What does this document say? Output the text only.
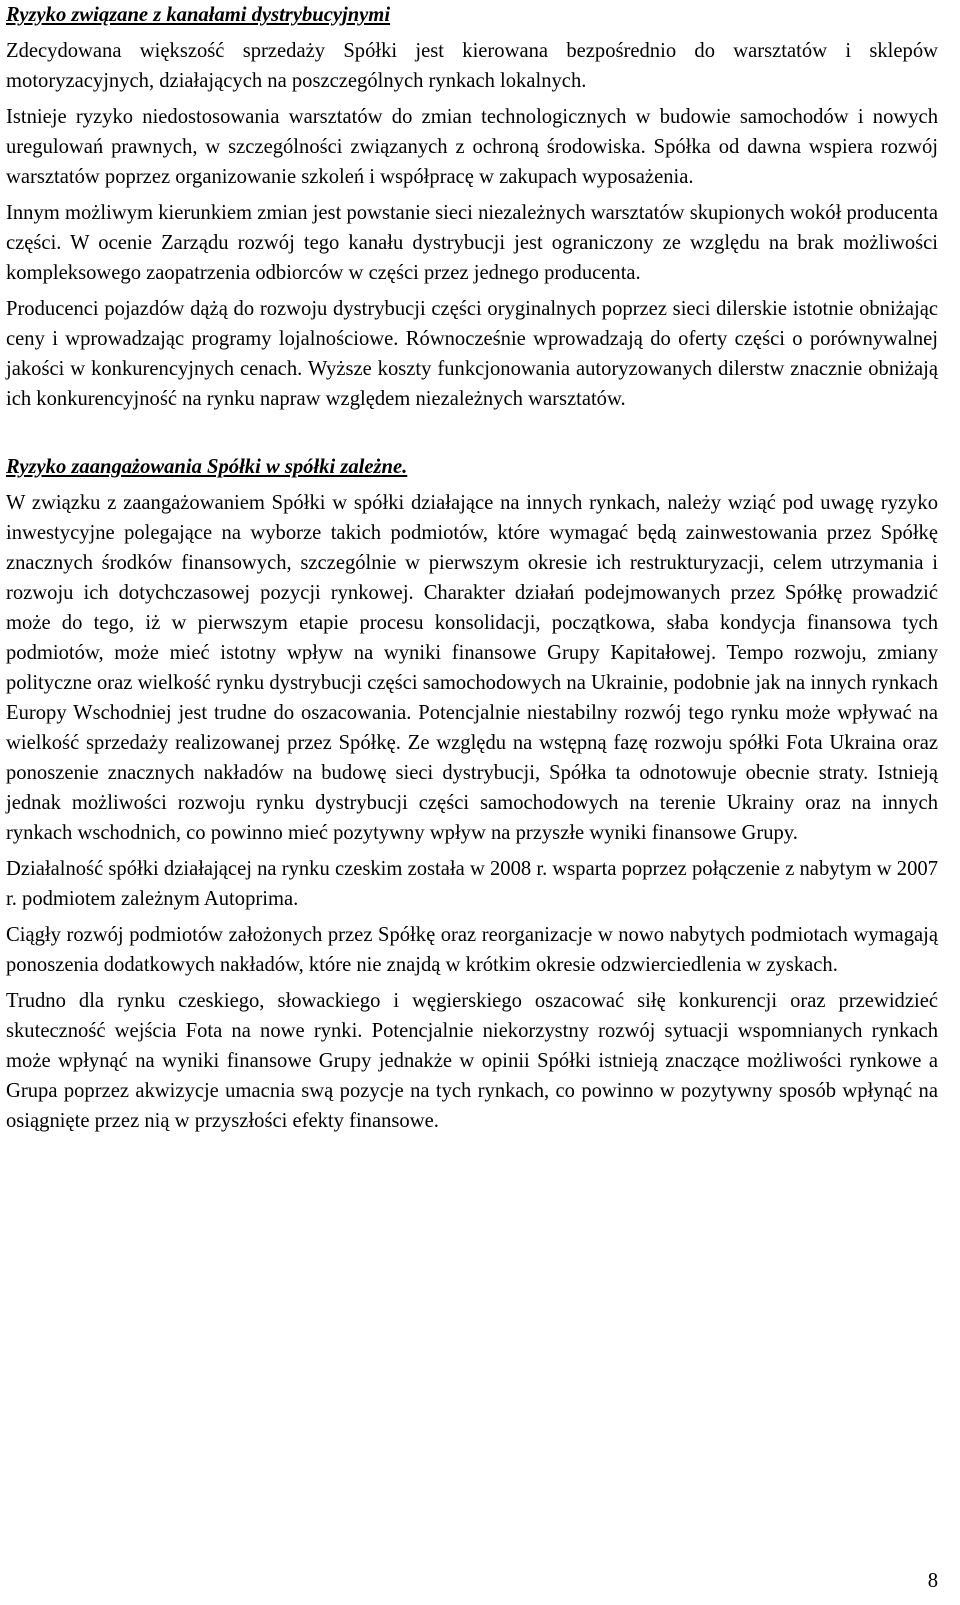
Ryzyko związane z kanałami dystrybucyjnymi

Zdecydowana większość sprzedaży Spółki jest kierowana bezpośrednio do warsztatów i sklepów motoryzacyjnych, działających na poszczególnych rynkach lokalnych.

Istnieje ryzyko niedostosowania warsztatów do zmian technologicznych w budowie samochodów i nowych uregulowań prawnych, w szczególności związanych z ochroną środowiska. Spółka od dawna wspiera rozwój warsztatów poprzez organizowanie szkoleń i współpracę w zakupach wyposażenia.

Innym możliwym kierunkiem zmian jest powstanie sieci niezależnych warsztatów skupionych wokół producenta części. W ocenie Zarządu rozwój tego kanału dystrybucji jest ograniczony ze względu na brak możliwości kompleksowego zaopatrzenia odbiorców w części przez jednego producenta.

Producenci pojazdów dążą do rozwoju dystrybucji części oryginalnych poprzez sieci dilerskie istotnie obniżając ceny i wprowadzając programy lojalnościowe. Równocześnie wprowadzają do oferty części o porównywalnej jakości w konkurencyjnych cenach. Wyższe koszty funkcjonowania autoryzowanych dilerstw znacznie obniżają ich konkurencyjność na rynku napraw względem niezależnych warsztatów.

Ryzyko zaangażowania Spółki w spółki zależne.

W związku z zaangażowaniem Spółki w spółki działające na innych rynkach, należy wziąć pod uwagę ryzyko inwestycyjne polegające na wyborze takich podmiotów, które wymagać będą zainwestowania przez Spółkę znacznych środków finansowych, szczególnie w pierwszym okresie ich restrukturyzacji, celem utrzymania i rozwoju ich dotychczasowej pozycji rynkowej. Charakter działań podejmowanych przez Spółkę prowadzić może do tego, iż w pierwszym etapie procesu konsolidacji, początkowa, słaba kondycja finansowa tych podmiotów, może mieć istotny wpływ na wyniki finansowe Grupy Kapitałowej. Tempo rozwoju, zmiany polityczne oraz wielkość rynku dystrybucji części samochodowych na Ukrainie, podobnie jak na innych rynkach Europy Wschodniej jest trudne do oszacowania. Potencjalnie niestabilny rozwój tego rynku może wpływać na wielkość sprzedaży realizowanej przez Spółkę. Ze względu na wstępną fazę rozwoju spółki Fota Ukraina oraz ponoszenie znacznych nakładów na budowę sieci dystrybucji, Spółka ta odnotowuje obecnie straty. Istnieją jednak możliwości rozwoju rynku dystrybucji części samochodowych na terenie Ukrainy oraz na innych rynkach wschodnich, co powinno mieć pozytywny wpływ na przyszłe wyniki finansowe Grupy.

Działalność spółki działającej na rynku czeskim została w 2008 r. wsparta poprzez połączenie z nabytym w 2007 r. podmiotem zależnym Autoprima.

Ciągły rozwój podmiotów założonych przez Spółkę oraz reorganizacje w nowo nabytych podmiotach wymagają ponoszenia dodatkowych nakładów, które nie znajdą w krótkim okresie odzwierciedlenia w zyskach.

Trudno dla rynku czeskiego, słowackiego i węgierskiego oszacować siłę konkurencji oraz przewidzieć skuteczność wejścia Fota na nowe rynki. Potencjalnie niekorzystny rozwój sytuacji wspomnianych rynkach może wpłynąć na wyniki finansowe Grupy jednakże w opinii Spółki istnieją znaczące możliwości rynkowe a Grupa poprzez akwizycje umacnia swą pozycje na tych rynkach, co powinno w pozytywny sposób wpłynąć na osiągnięte przez nią w przyszłości efekty finansowe.

8
